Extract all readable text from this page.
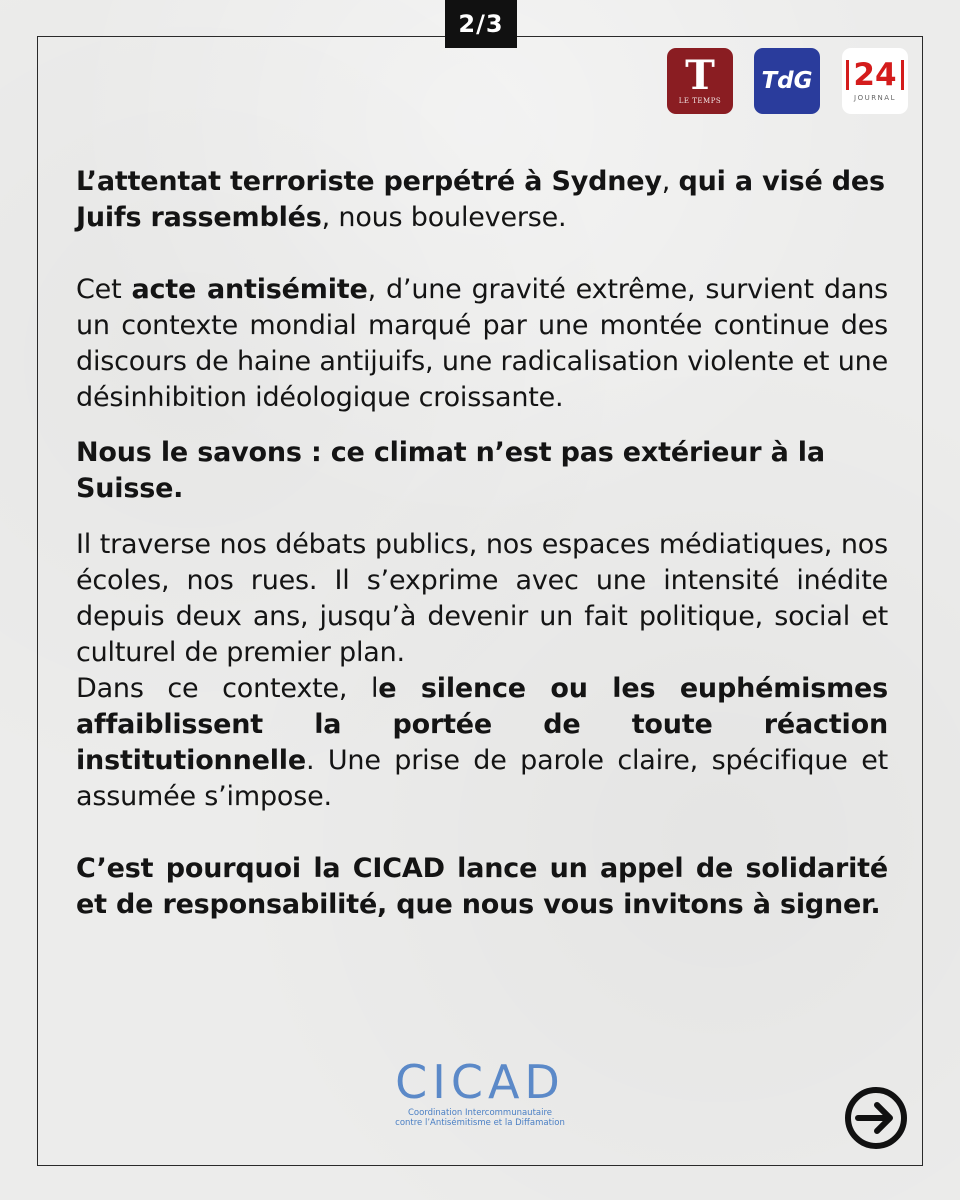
2/3
T
LE TEMPS
TdG 24
JOURNAL

L’attentat terroriste perpétré à Sydney, qui a visé des Juifs rassemblés, nous bouleverse.

Cet acte antisémite, d’une gravité extrême, survient dans un contexte mondial marqué par une montée continue des discours de haine antijuifs, une radicalisation violente et une désinhibition idéologique croissante.

Nous le savons : ce climat n’est pas extérieur à la Suisse.

Il traverse nos débats publics, nos espaces médiatiques, nos écoles, nos rues. Il s’exprime avec une intensité inédite depuis deux ans, jusqu’à devenir un fait politique, social et culturel de premier plan.

Dans ce contexte, le silence ou les euphémismes affaiblissent la portée de toute réaction institutionnelle. Une prise de parole claire, spécifique et assumée s’impose.

C’est pourquoi la CICAD lance un appel de solidarité et de responsabilité, que nous vous invitons à signer.

CICAD
Coordination Intercommunautaire
contre l’Antisémitisme et la Diffamation
